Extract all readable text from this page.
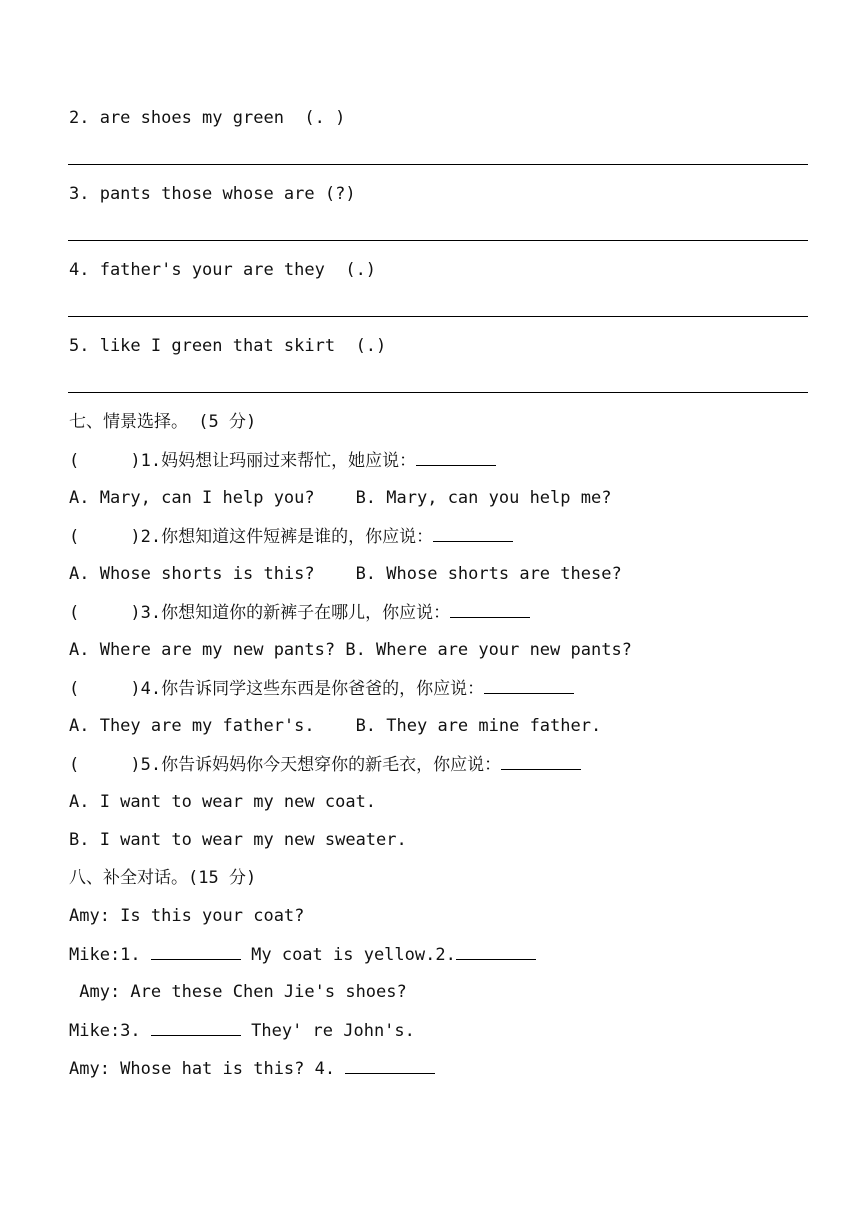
2. are shoes my green  (. )
3. pants those whose are (?)
4. father's your are they  (.)
5. like I green that skirt  (.)
七、情景选择。 (5 分)
(     )1.妈妈想让玛丽过来帮忙，她应说：
A. Mary, can I help you?    B. Mary, can you help me?
(     )2.你想知道这件短裤是谁的，你应说：
A. Whose shorts is this?    B. Whose shorts are these?
(     )3.你想知道你的新裤子在哪儿，你应说：
A. Where are my new pants? B. Where are your new pants?
(     )4.你告诉同学这些东西是你爸爸的，你应说：
A. They are my father's.    B. They are mine father.
(     )5.你告诉妈妈你今天想穿你的新毛衣，你应说：
A. I want to wear my new coat.
B. I want to wear my new sweater.
八、补全对话。(15 分)
Amy: Is this your coat?
Mike:1.	My coat is yellow.2.
Amy: Are these Chen Jie's shoes?
Mike:3.	They' re John's.
Amy: Whose hat is this? 4.
